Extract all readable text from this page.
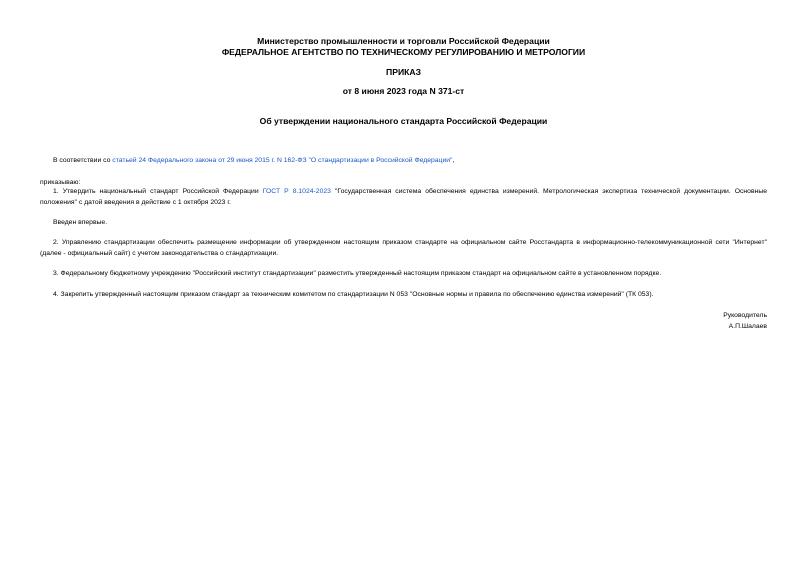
Министерство промышленности и торговли Российской Федерации
ФЕДЕРАЛЬНОЕ АГЕНТСТВО ПО ТЕХНИЧЕСКОМУ РЕГУЛИРОВАНИЮ И МЕТРОЛОГИИ
ПРИКАЗ
от 8 июня 2023 года N 371-ст
Об утверждении национального стандарта Российской Федерации
В соответствии со статьей 24 Федерального закона от 29 июня 2015 г. N 162-ФЗ "О стандартизации в Российской Федерации",
приказываю:
1. Утвердить национальный стандарт Российской Федерации ГОСТ Р 8.1024-2023 "Государственная система обеспечения единства измерений. Метрологическая экспертиза технической документации. Основные положения" с датой введения в действие с 1 октября 2023 г.
Введен впервые.
2. Управлению стандартизации обеспечить размещение информации об утвержденном настоящим приказом стандарте на официальном сайте Росстандарта в информационно-телекоммуникационной сети "Интернет" (далее - официальный сайт) с учетом законодательства о стандартизации.
3. Федеральному бюджетному учреждению "Российский институт стандартизации" разместить утвержденный настоящим приказом стандарт на официальном сайте в установленном порядке.
4. Закрепить утвержденный настоящим приказом стандарт за техническим комитетом по стандартизации N 053 "Основные нормы и правила по обеспечению единства измерений" (ТК 053).
Руководитель
А.П.Шалаев
